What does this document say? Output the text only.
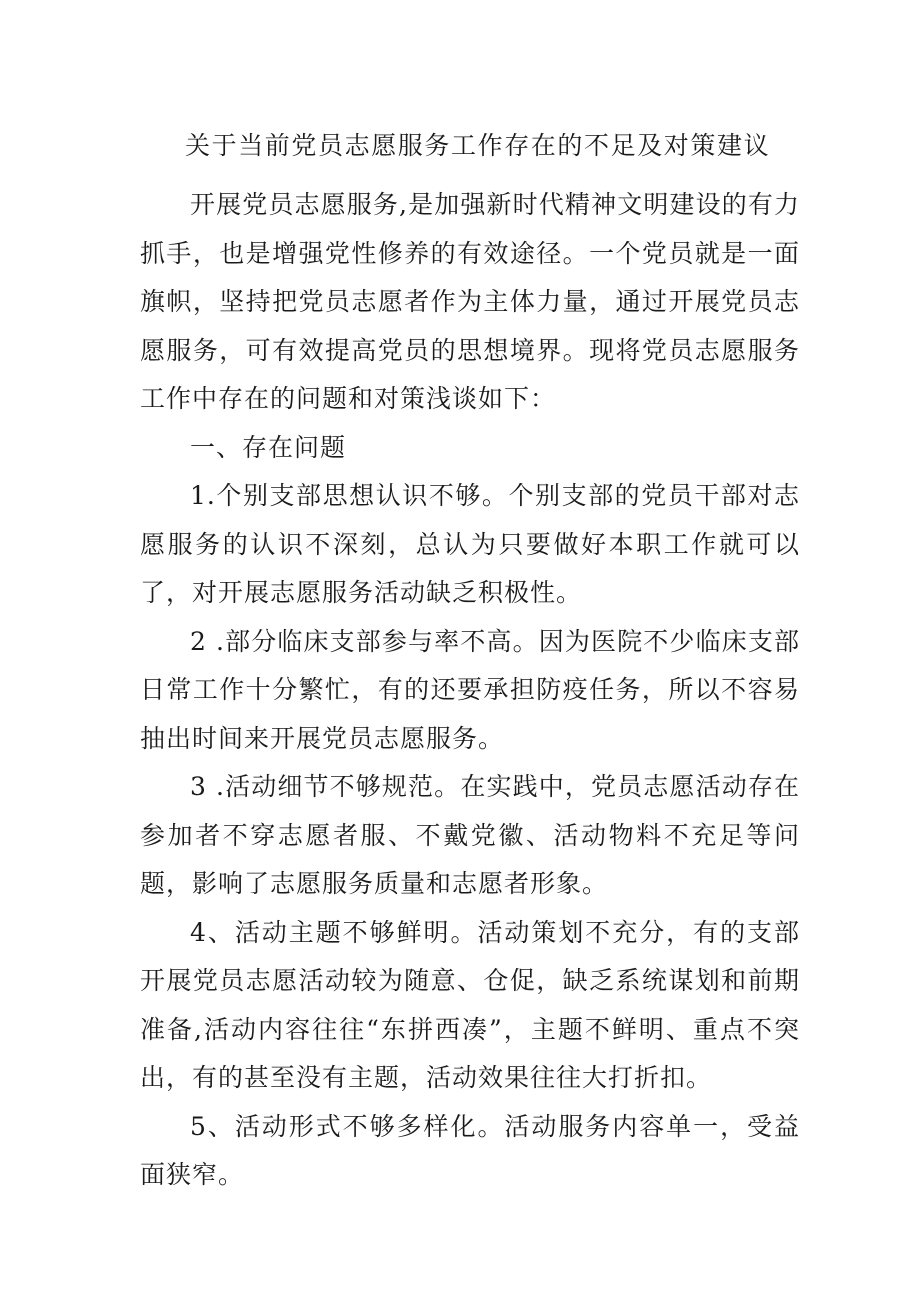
关于当前党员志愿服务工作存在的不足及对策建议

开展党员志愿服务,是加强新时代精神文明建设的有力抓手，也是增强党性修养的有效途径。一个党员就是一面旗帜，坚持把党员志愿者作为主体力量，通过开展党员志愿服务，可有效提高党员的思想境界。现将党员志愿服务工作中存在的问题和对策浅谈如下：

一、存在问题

1.个别支部思想认识不够。个别支部的党员干部对志愿服务的认识不深刻，总认为只要做好本职工作就可以了，对开展志愿服务活动缺乏积极性。

2 .部分临床支部参与率不高。因为医院不少临床支部日常工作十分繁忙，有的还要承担防疫任务，所以不容易抽出时间来开展党员志愿服务。

3 .活动细节不够规范。在实践中，党员志愿活动存在参加者不穿志愿者服、不戴党徽、活动物料不充足等问题，影响了志愿服务质量和志愿者形象。

4、活动主题不够鲜明。活动策划不充分，有的支部开展党员志愿活动较为随意、仓促，缺乏系统谋划和前期准备,活动内容往往“东拼西凑”，主题不鲜明、重点不突出，有的甚至没有主题，活动效果往往大打折扣。

5、活动形式不够多样化。活动服务内容单一，受益面狭窄。
